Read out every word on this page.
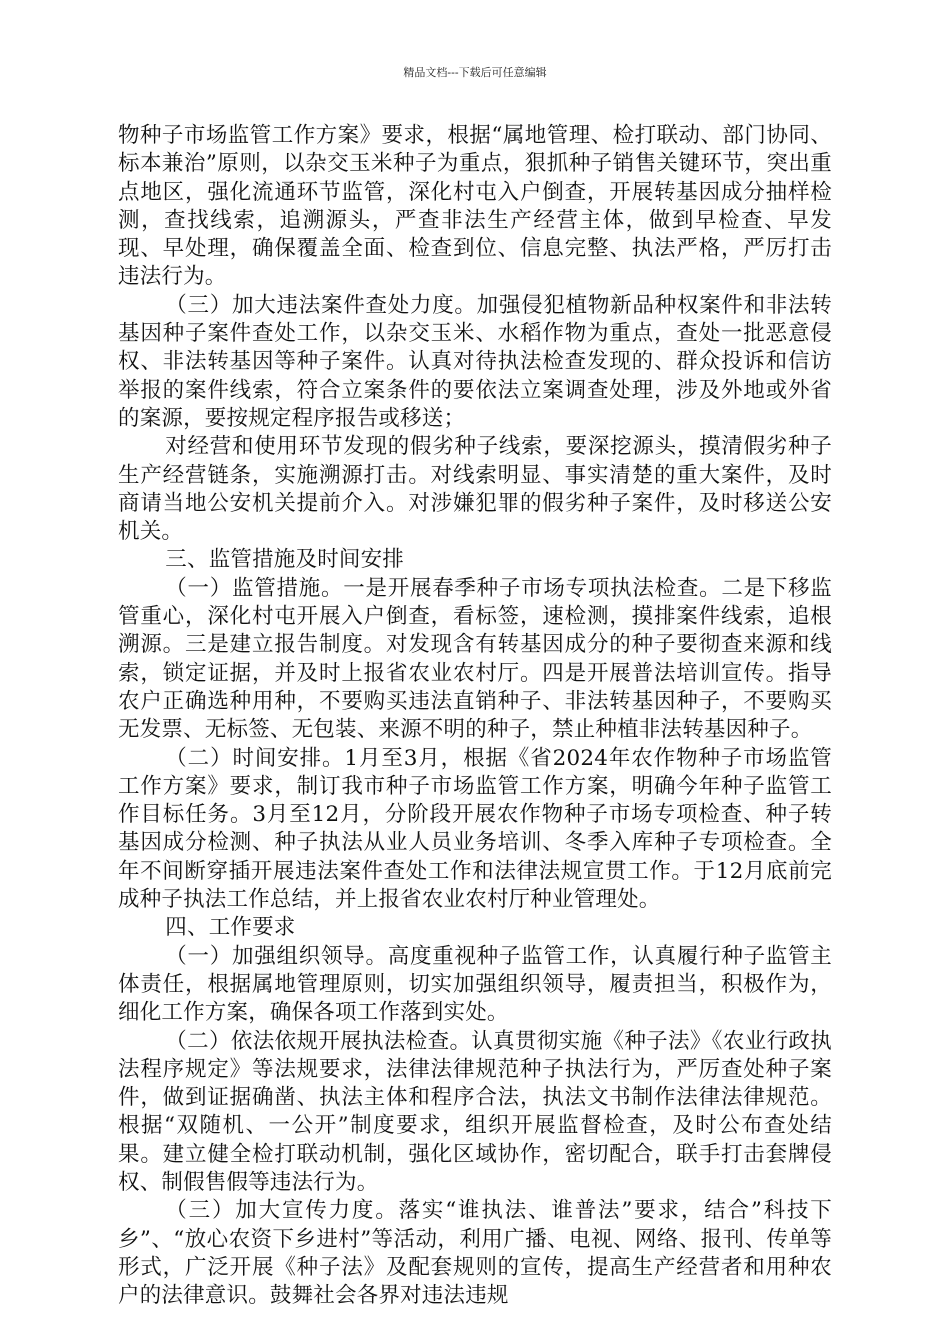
精品文档---下载后可任意编辑

物种子市场监管工作方案》要求，根据“属地管理、检打联动、部门协同、标本兼治”原则，以杂交玉米种子为重点，狠抓种子销售关键环节，突出重点地区，强化流通环节监管，深化村屯入户倒查，开展转基因成分抽样检测，查找线索，追溯源头，严查非法生产经营主体，做到早检查、早发现、早处理，确保覆盖全面、检查到位、信息完整、执法严格，严厉打击违法行为。

（三）加大违法案件查处力度。加强侵犯植物新品种权案件和非法转基因种子案件查处工作，以杂交玉米、水稻作物为重点，查处一批恶意侵权、非法转基因等种子案件。认真对待执法检查发现的、群众投诉和信访举报的案件线索，符合立案条件的要依法立案调查处理，涉及外地或外省的案源，要按规定程序报告或移送；

对经营和使用环节发现的假劣种子线索，要深挖源头，摸清假劣种子生产经营链条，实施溯源打击。对线索明显、事实清楚的重大案件，及时商请当地公安机关提前介入。对涉嫌犯罪的假劣种子案件，及时移送公安机关。

三、监管措施及时间安排

（一）监管措施。一是开展春季种子市场专项执法检查。二是下移监管重心，深化村屯开展入户倒查，看标签，速检测，摸排案件线索，追根溯源。三是建立报告制度。对发现含有转基因成分的种子要彻查来源和线索，锁定证据，并及时上报省农业农村厅。四是开展普法培训宣传。指导农户正确选种用种，不要购买违法直销种子、非法转基因种子，不要购买无发票、无标签、无包装、来源不明的种子，禁止种植非法转基因种子。

（二）时间安排。1月至3月，根据《省2024年农作物种子市场监管工作方案》要求，制订我市种子市场监管工作方案，明确今年种子监管工作目标任务。3月至12月，分阶段开展农作物种子市场专项检查、种子转基因成分检测、种子执法从业人员业务培训、冬季入库种子专项检查。全年不间断穿插开展违法案件查处工作和法律法规宣贯工作。于12月底前完成种子执法工作总结，并上报省农业农村厅种业管理处。

四、工作要求

（一）加强组织领导。高度重视种子监管工作，认真履行种子监管主体责任，根据属地管理原则，切实加强组织领导，履责担当，积极作为，细化工作方案，确保各项工作落到实处。

（二）依法依规开展执法检查。认真贯彻实施《种子法》《农业行政执法程序规定》等法规要求，法律法律规范种子执法行为，严厉查处种子案件，做到证据确凿、执法主体和程序合法，执法文书制作法律法律规范。根据“双随机、一公开”制度要求，组织开展监督检查，及时公布查处结果。建立健全检打联动机制，强化区域协作，密切配合，联手打击套牌侵权、制假售假等违法行为。

（三）加大宣传力度。落实“谁执法、谁普法”要求，结合”科技下乡”、“放心农资下乡进村”等活动，利用广播、电视、网络、报刊、传单等形式，广泛开展《种子法》及配套规则的宣传，提高生产经营者和用种农户的法律意识。鼓舞社会各界对违法违规
